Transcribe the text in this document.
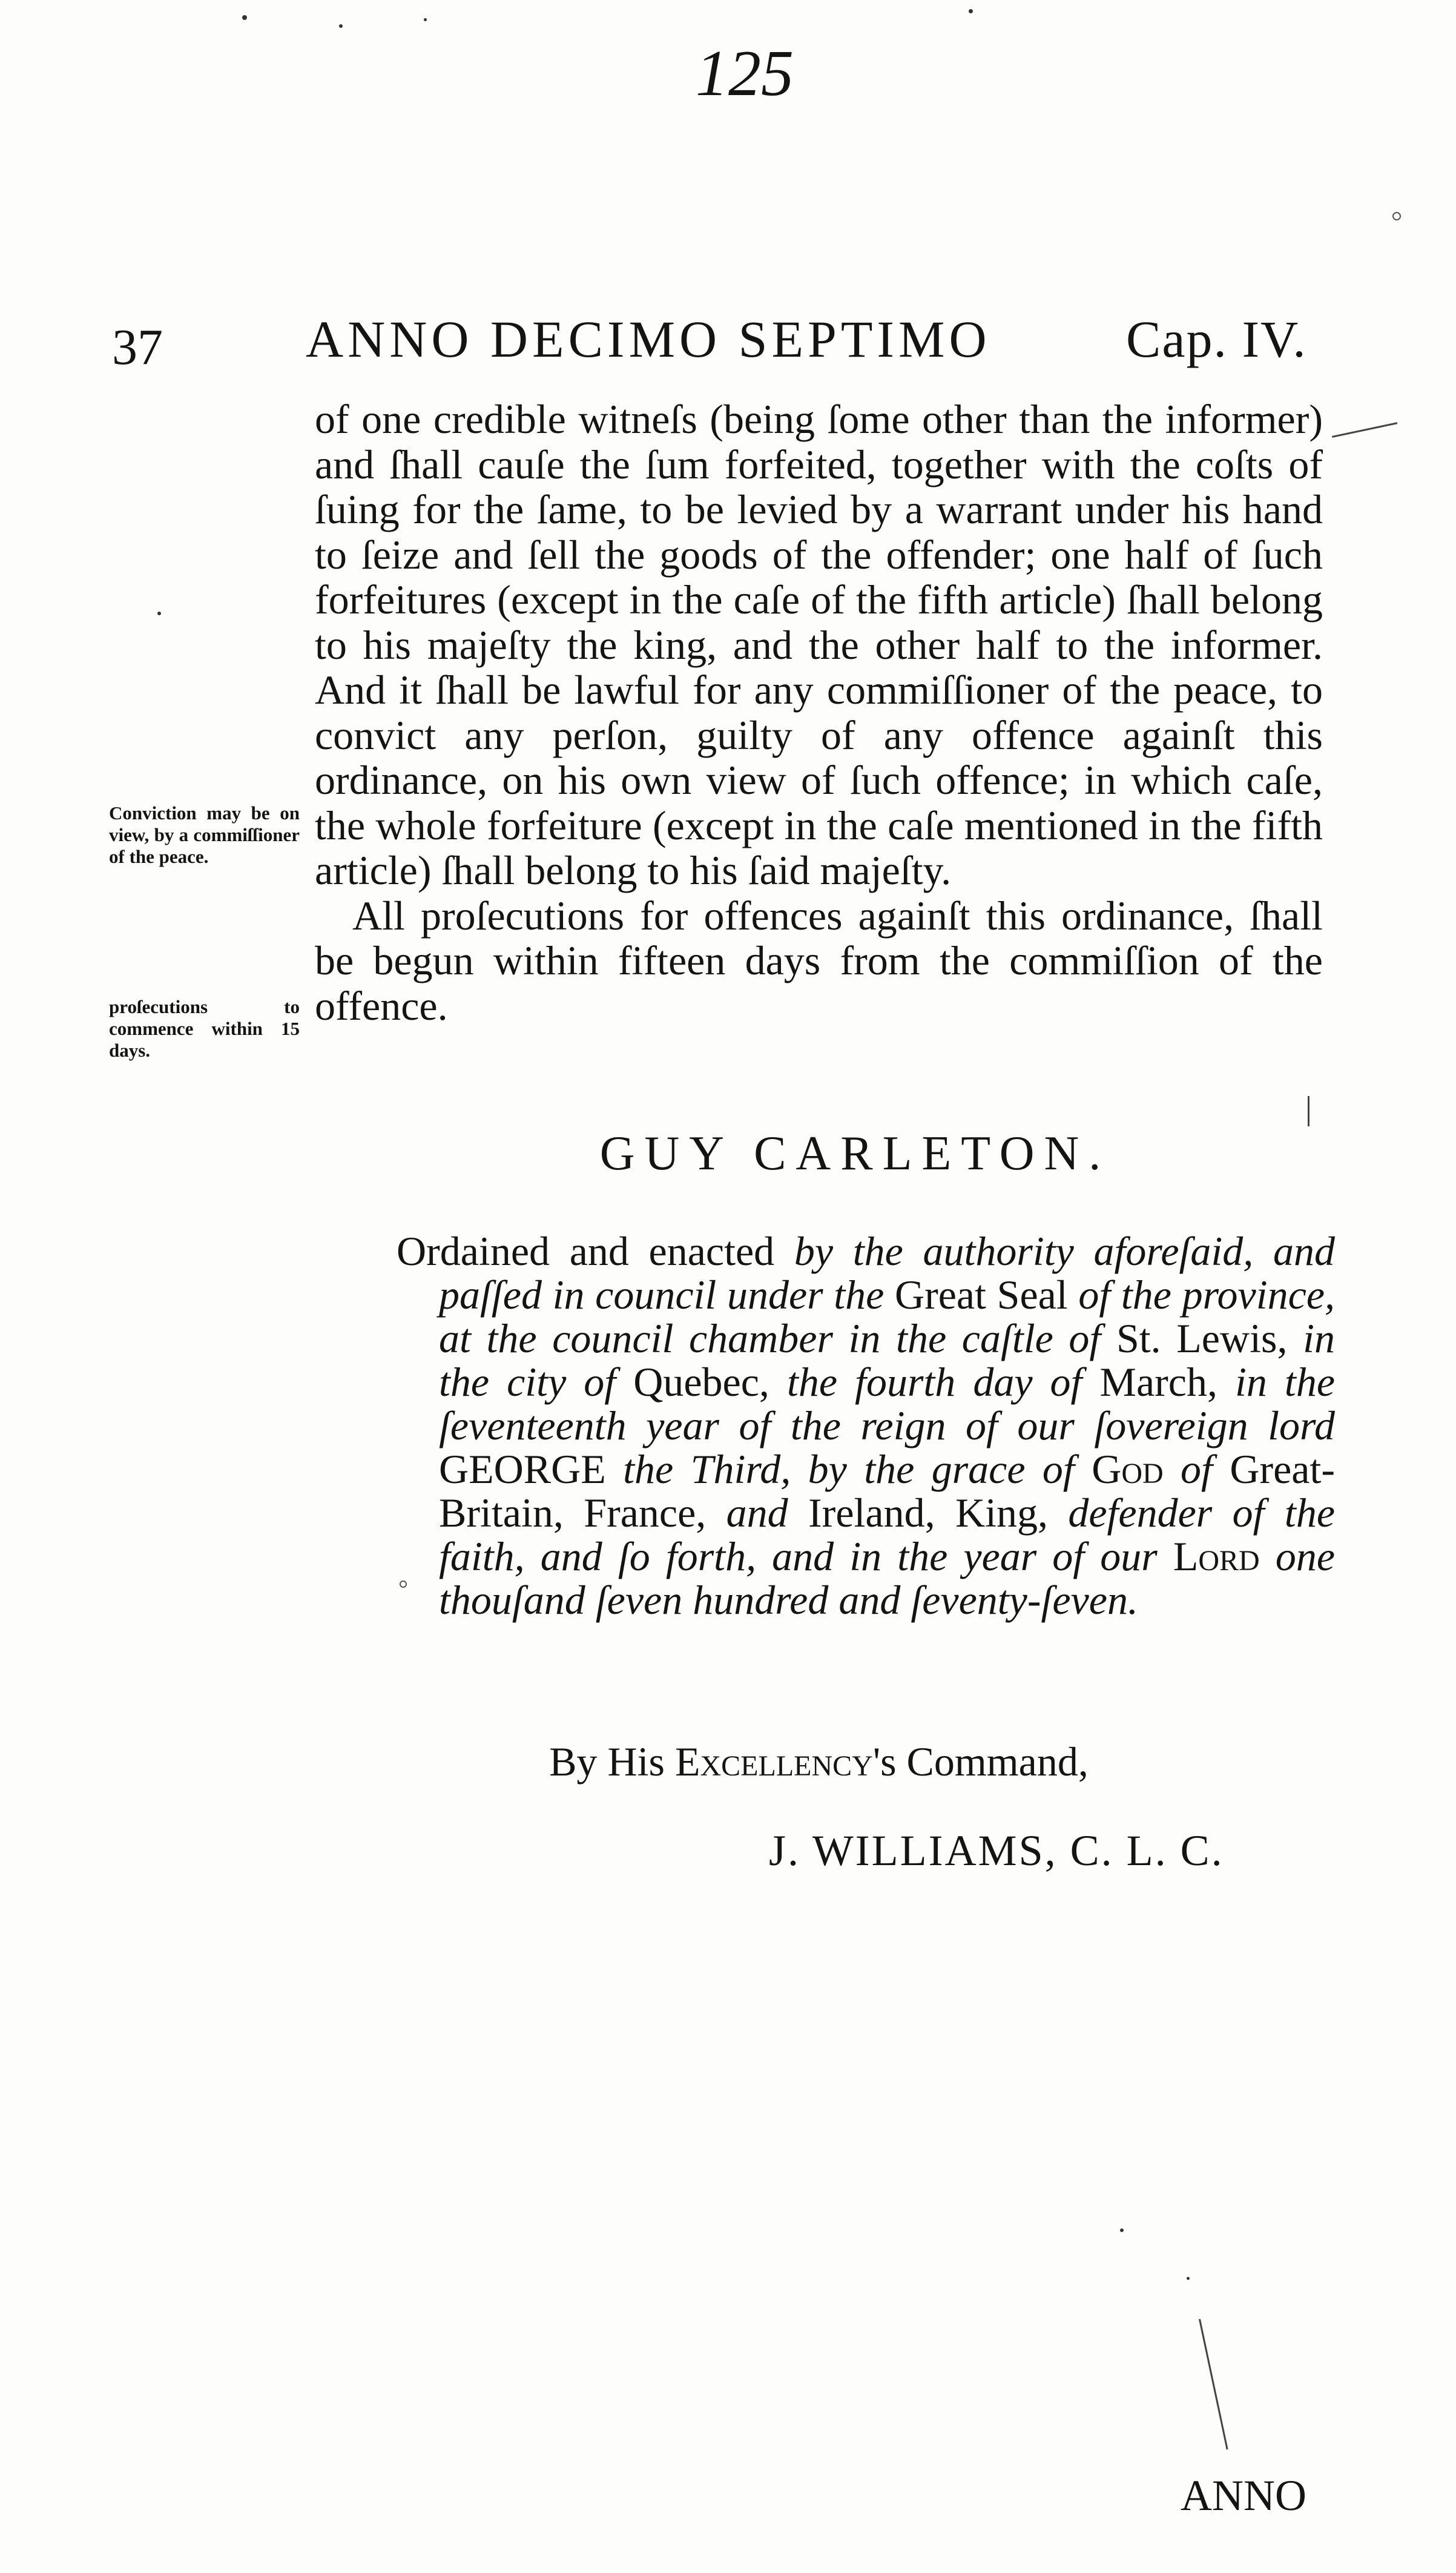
125
37	ANNO DECIMO SEPTIMO	Cap. IV.

of one credible witneſs (being ſome other than the informer) and ſhall cauſe the ſum forfeited, together with the coſts of ſuing for the ſame, to be levied by a warrant under his hand to ſeize and ſell the goods of the offender; one half of ſuch forfeitures (except in the caſe of the fifth article) ſhall belong to his majeſty the king, and the other half to the informer. And it ſhall be lawful for any commiſſioner of the peace, to convict any perſon, guilty of any offence againſt this ordinance, on his own view of ſuch offence; in which caſe, the whole forfeiture (except in the caſe mentioned in the fifth article) ſhall belong to his ſaid majeſty.

All proſecutions for offences againſt this ordinance, ſhall be begun within fifteen days from the commiſſion of the offence.

Conviction may be on view, by a commiſſioner of the peace.
proſecutions to commence within 15 days.
GUY CARLETON.
Ordained and enacted by the authority aforeſaid, and paſſed in council under the Great Seal of the province, at the council chamber in the caſtle of St. Lewis, in the city of Quebec, the fourth day of March, in the ſeventeenth year of the reign of our ſovereign lord GEORGE the Third, by the grace of God of Great-Britain, France, and Ireland, King, defender of the faith, and ſo forth, and in the year of our Lord one thouſand ſeven hundred and ſeventy-ſeven.
By His Excellency's Command,
J. WILLIAMS, C. L. C.
ANNO
